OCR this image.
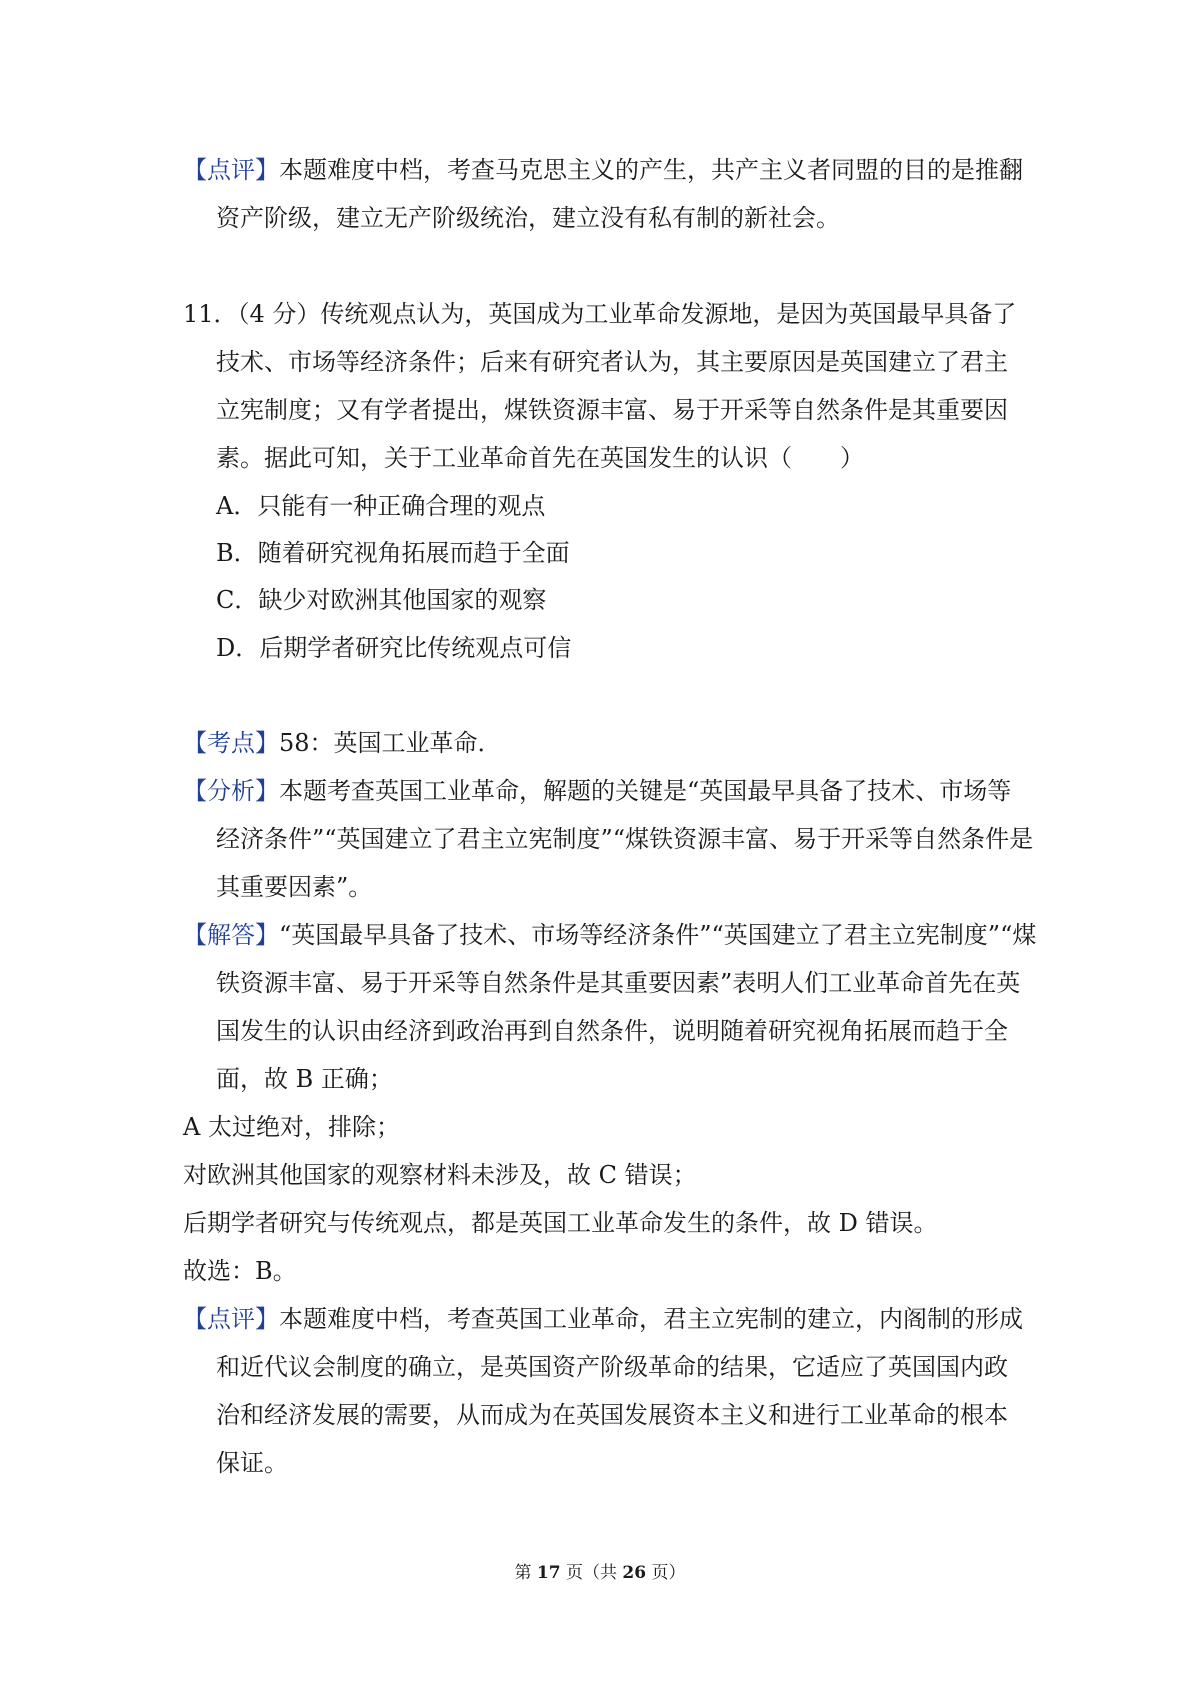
【点评】本题难度中档，考查马克思主义的产生，共产主义者同盟的目的是推翻
资产阶级，建立无产阶级统治，建立没有私有制的新社会。
11．（4 分）传统观点认为，英国成为工业革命发源地，是因为英国最早具备了
技术、市场等经济条件；后来有研究者认为，其主要原因是英国建立了君主
立宪制度；又有学者提出，煤铁资源丰富、易于开采等自然条件是其重要因
素。据此可知，关于工业革命首先在英国发生的认识（　　）
A．只能有一种正确合理的观点
B．随着研究视角拓展而趋于全面
C．缺少对欧洲其他国家的观察
D．后期学者研究比传统观点可信
【考点】58：英国工业革命．
【分析】本题考查英国工业革命，解题的关键是“英国最早具备了技术、市场等
经济条件”“英国建立了君主立宪制度”“煤铁资源丰富、易于开采等自然条件是
其重要因素”。
【解答】“英国最早具备了技术、市场等经济条件”“英国建立了君主立宪制度”“煤
铁资源丰富、易于开采等自然条件是其重要因素”表明人们工业革命首先在英
国发生的认识由经济到政治再到自然条件，说明随着研究视角拓展而趋于全
面，故 B 正确；
A 太过绝对，排除；
对欧洲其他国家的观察材料未涉及，故 C 错误；
后期学者研究与传统观点，都是英国工业革命发生的条件，故 D 错误。
故选：B。
【点评】本题难度中档，考查英国工业革命，君主立宪制的建立，内阁制的形成
和近代议会制度的确立，是英国资产阶级革命的结果，它适应了英国国内政
治和经济发展的需要，从而成为在英国发展资本主义和进行工业革命的根本
保证。
第 17 页（共 26 页）
